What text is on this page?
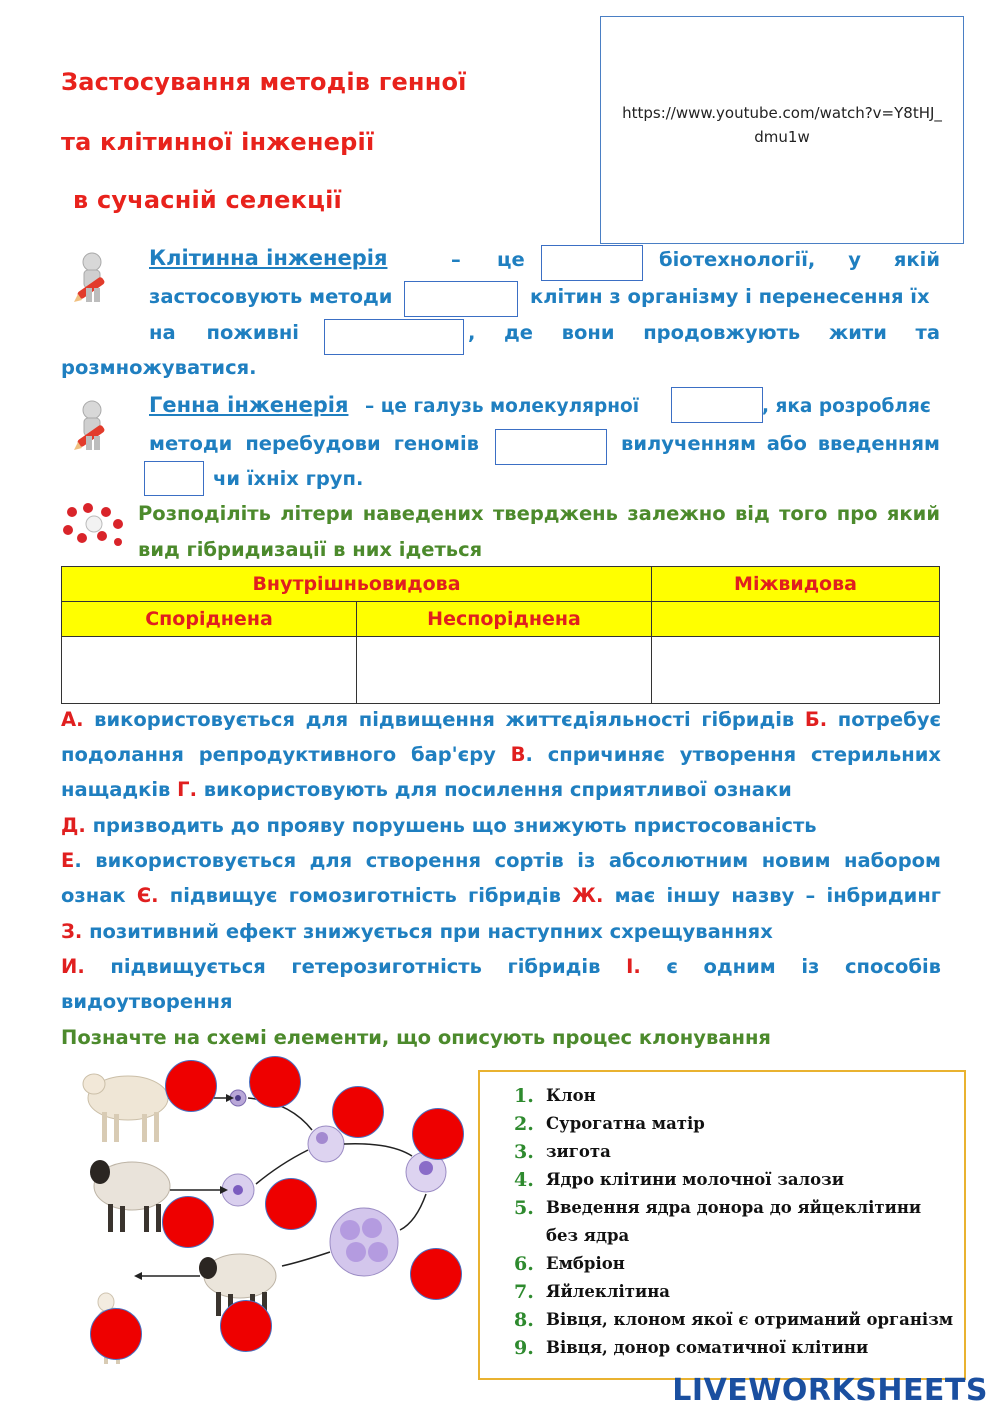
Застосування методів генної
та клітинної інженерії
в сучасній селекції
https://www.youtube.com/watch?v=Y8tHJ_
dmu1w
Клітинна інженерія	– це	біотехнології, у якій
застосовують методи	клітин з організму і перенесення їх
на поживні	, де вони продовжують жити та
розмножуватися.
Генна інженерія – це галузь молекулярної	, яка розробляє
методи перебудови геномів	вилученням або введенням
чи їхніх груп.
Розподіліть літери наведених тверджень залежно від того про який
вид гібридизації в них ідеться
Внутрішньовидова		Міжвидова
Споріднена	Неспоріднена	

А. використовується для підвищення життєдіяльності гібридів Б. потребує
подолання репродуктивного бар'єру В. спричиняє утворення стерильних
нащадків Г. використовують для посилення сприятливої ознаки
Д. призводить до прояву порушень що знижують пристосованість
Е. використовується для створення сортів із абсолютним новим набором
ознак Є. підвищує гомозиготність гібридів Ж. має іншу назву – інбридинг
З. позитивний ефект знижується при наступних схрещуваннях
И. підвищується гетерозиготність гібридів І. є одним із способів
видоутворення
Позначте на схемі елементи, що описують процес клонування
1. Клон
2. Сурогатна матір
3. зигота
4. Ядро клітини молочної залози
5. Введення ядра донора до яйцеклітини без ядра
6. Ембріон
7. Яйлеклітина
8. Вівця, клоном якої є отриманий організм
9. Вівця, донор соматичної клітини
LIVEWORKSHEETS
